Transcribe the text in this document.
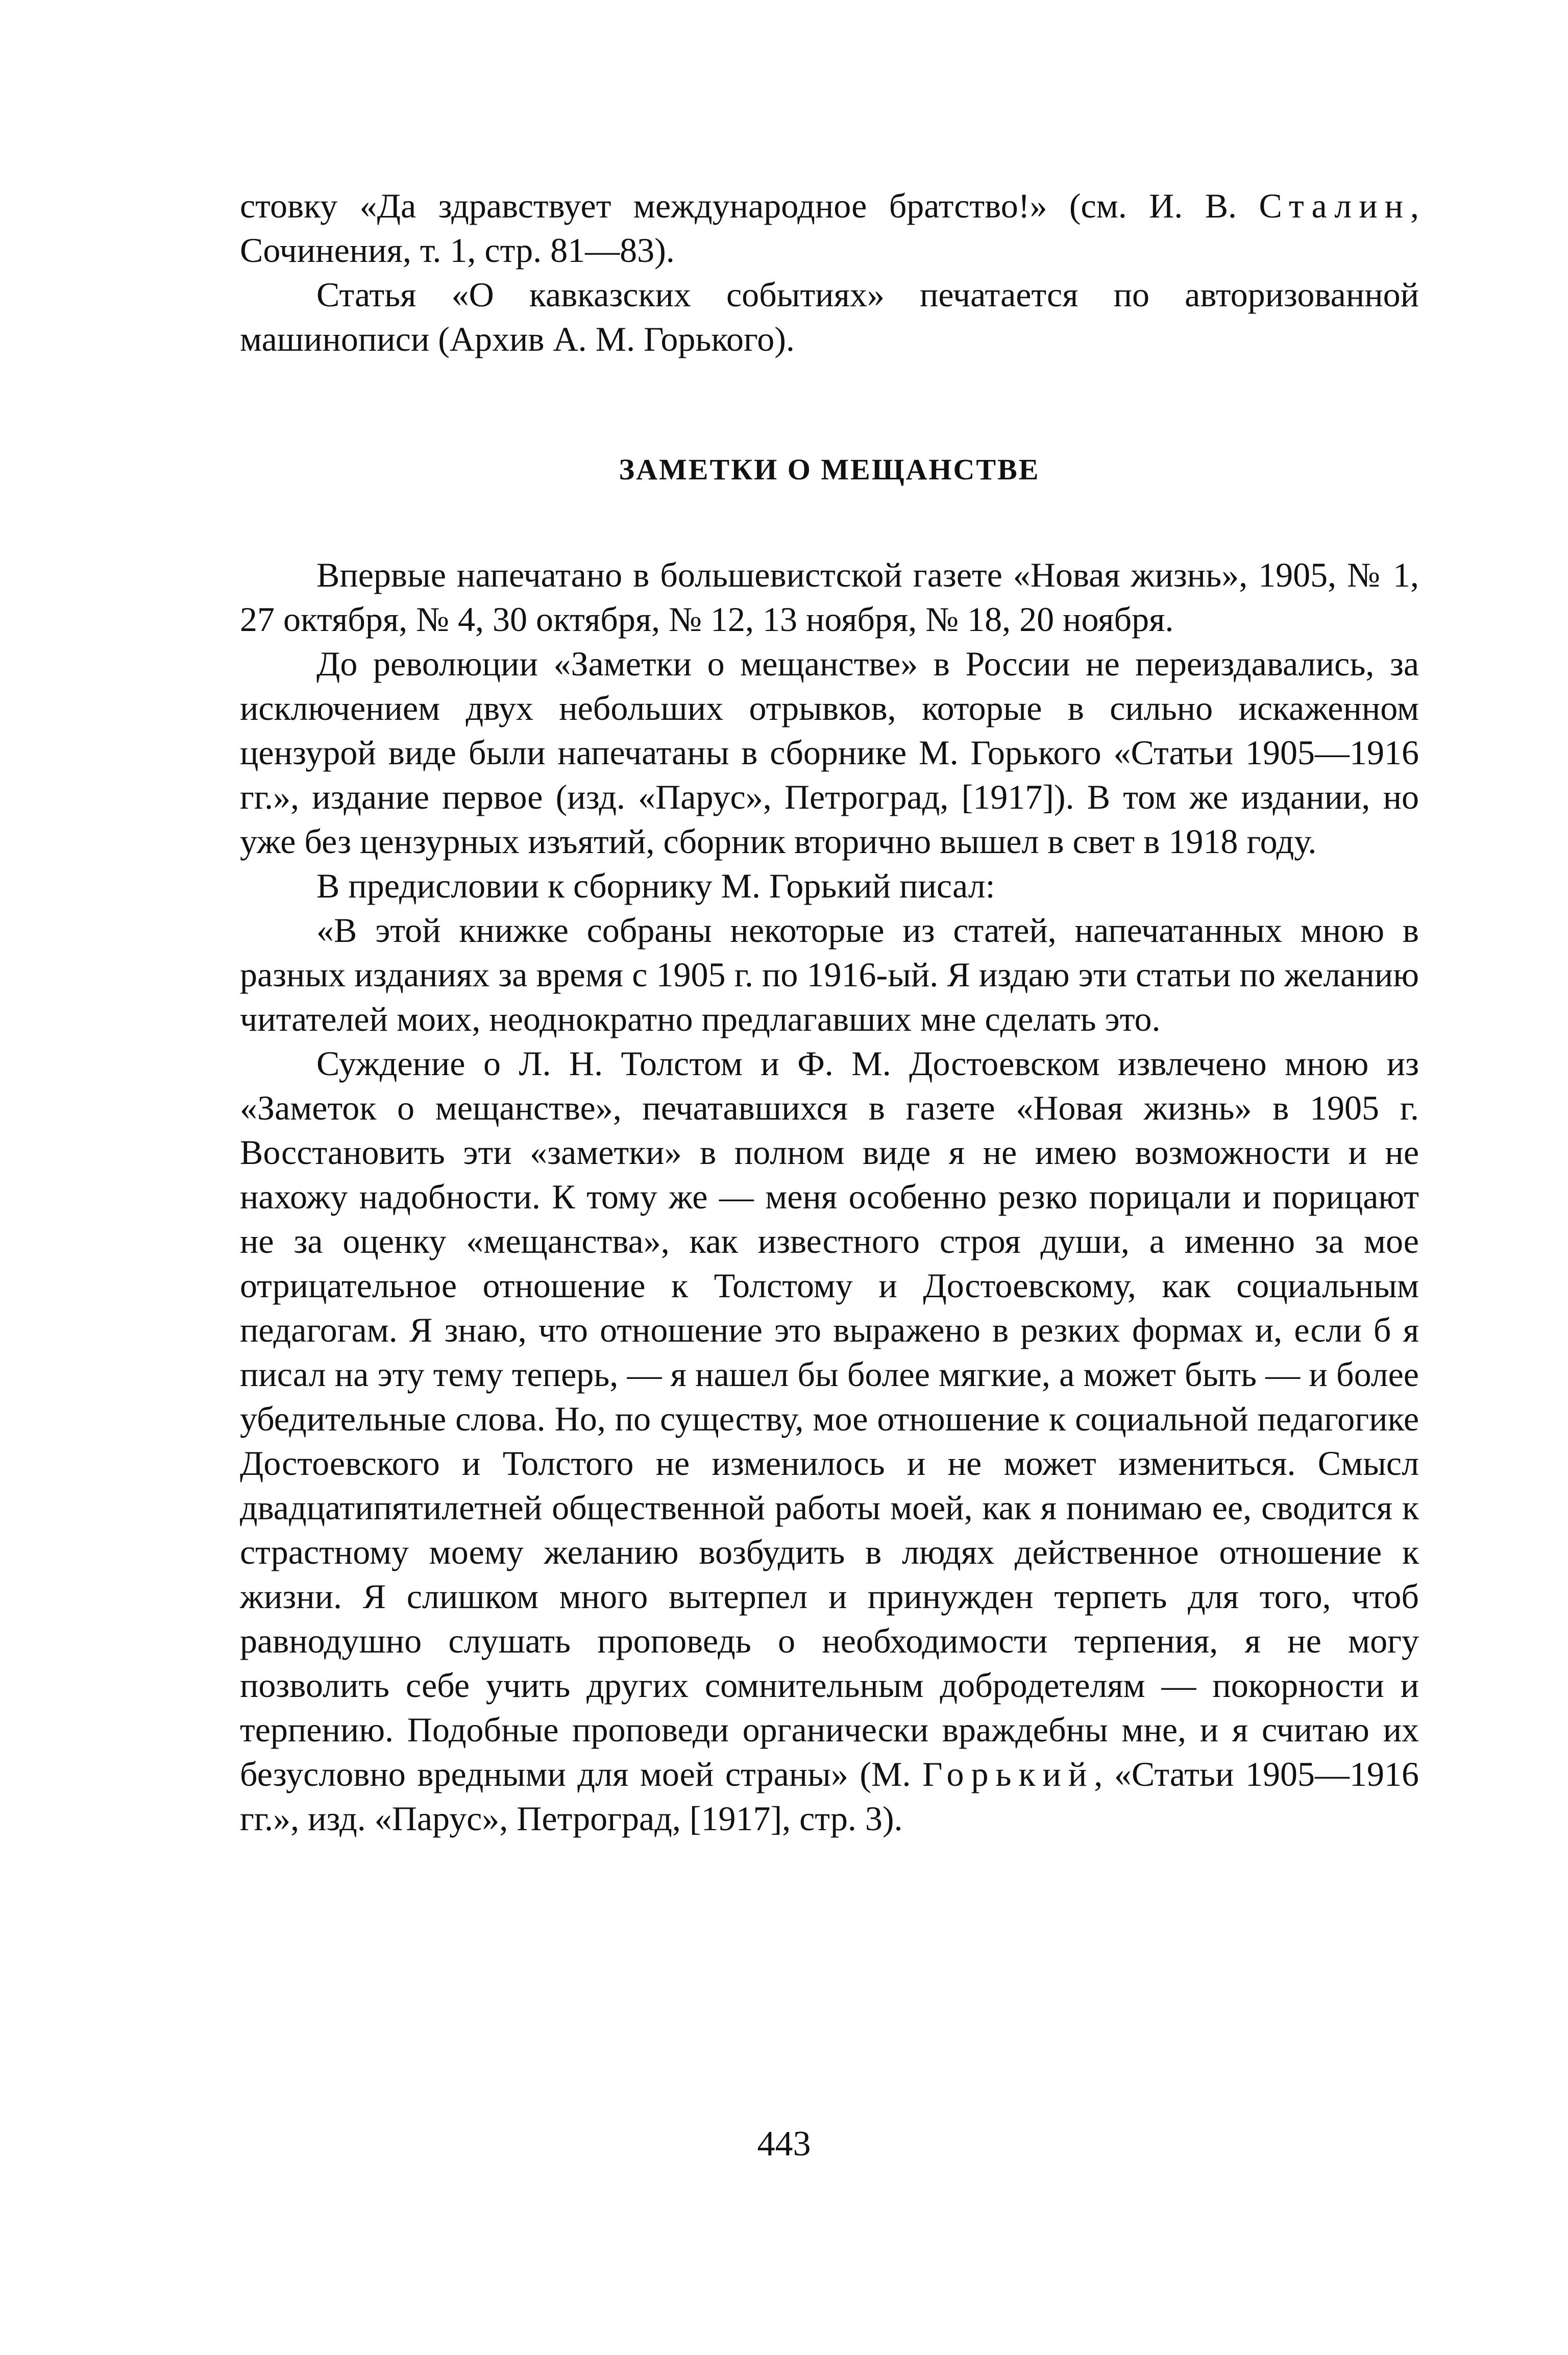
стовку «Да здравствует международное братство!» (см. И. В. Сталин, Сочинения, т. 1, стр. 81—83).

Статья «О кавказских событиях» печатается по авторизованной машинописи (Архив А. М. Горького).

ЗАМЕТКИ О МЕЩАНСТВЕ

Впервые напечатано в большевистской газете «Новая жизнь», 1905, № 1, 27 октября, № 4, 30 октября, № 12, 13 ноября, № 18, 20 ноября.

До революции «Заметки о мещанстве» в России не переиздавались, за исключением двух небольших отрывков, которые в сильно искаженном цензурой виде были напечатаны в сборнике М. Горького «Статьи 1905—1916 гг.», издание первое (изд. «Парус», Петроград, [1917]). В том же издании, но уже без цензурных изъятий, сборник вторично вышел в свет в 1918 году.

В предисловии к сборнику М. Горький писал:

«В этой книжке собраны некоторые из статей, напечатанных мною в разных изданиях за время с 1905 г. по 1916-ый. Я издаю эти статьи по желанию читателей моих, неоднократно предлагавших мне сделать это.

Суждение о Л. Н. Толстом и Ф. М. Достоевском извлечено мною из «Заметок о мещанстве», печатавшихся в газете «Новая жизнь» в 1905 г. Восстановить эти «заметки» в полном виде я не имею возможности и не нахожу надобности. К тому же — меня особенно резко порицали и порицают не за оценку «мещанства», как известного строя души, а именно за мое отрицательное отношение к Толстому и Достоевскому, как социальным педагогам. Я знаю, что отношение это выражено в резких формах и, если б я писал на эту тему теперь, — я нашел бы более мягкие, а может быть — и более убедительные слова. Но, по существу, мое отношение к социальной педагогике Достоевского и Толстого не изменилось и не может измениться. Смысл двадцатипятилетней общественной работы моей, как я понимаю ее, сводится к страстному моему желанию возбудить в людях действенное отношение к жизни. Я слишком много вытерпел и принужден терпеть для того, чтоб равнодушно слушать проповедь о необходимости терпения, я не могу позволить себе учить других сомнительным добродетелям — покорности и терпению. Подобные проповеди органически враждебны мне, и я считаю их безусловно вредными для моей страны» (М. Горький, «Статьи 1905—1916 гг.», изд. «Парус», Петроград, [1917], стр. 3).

443
